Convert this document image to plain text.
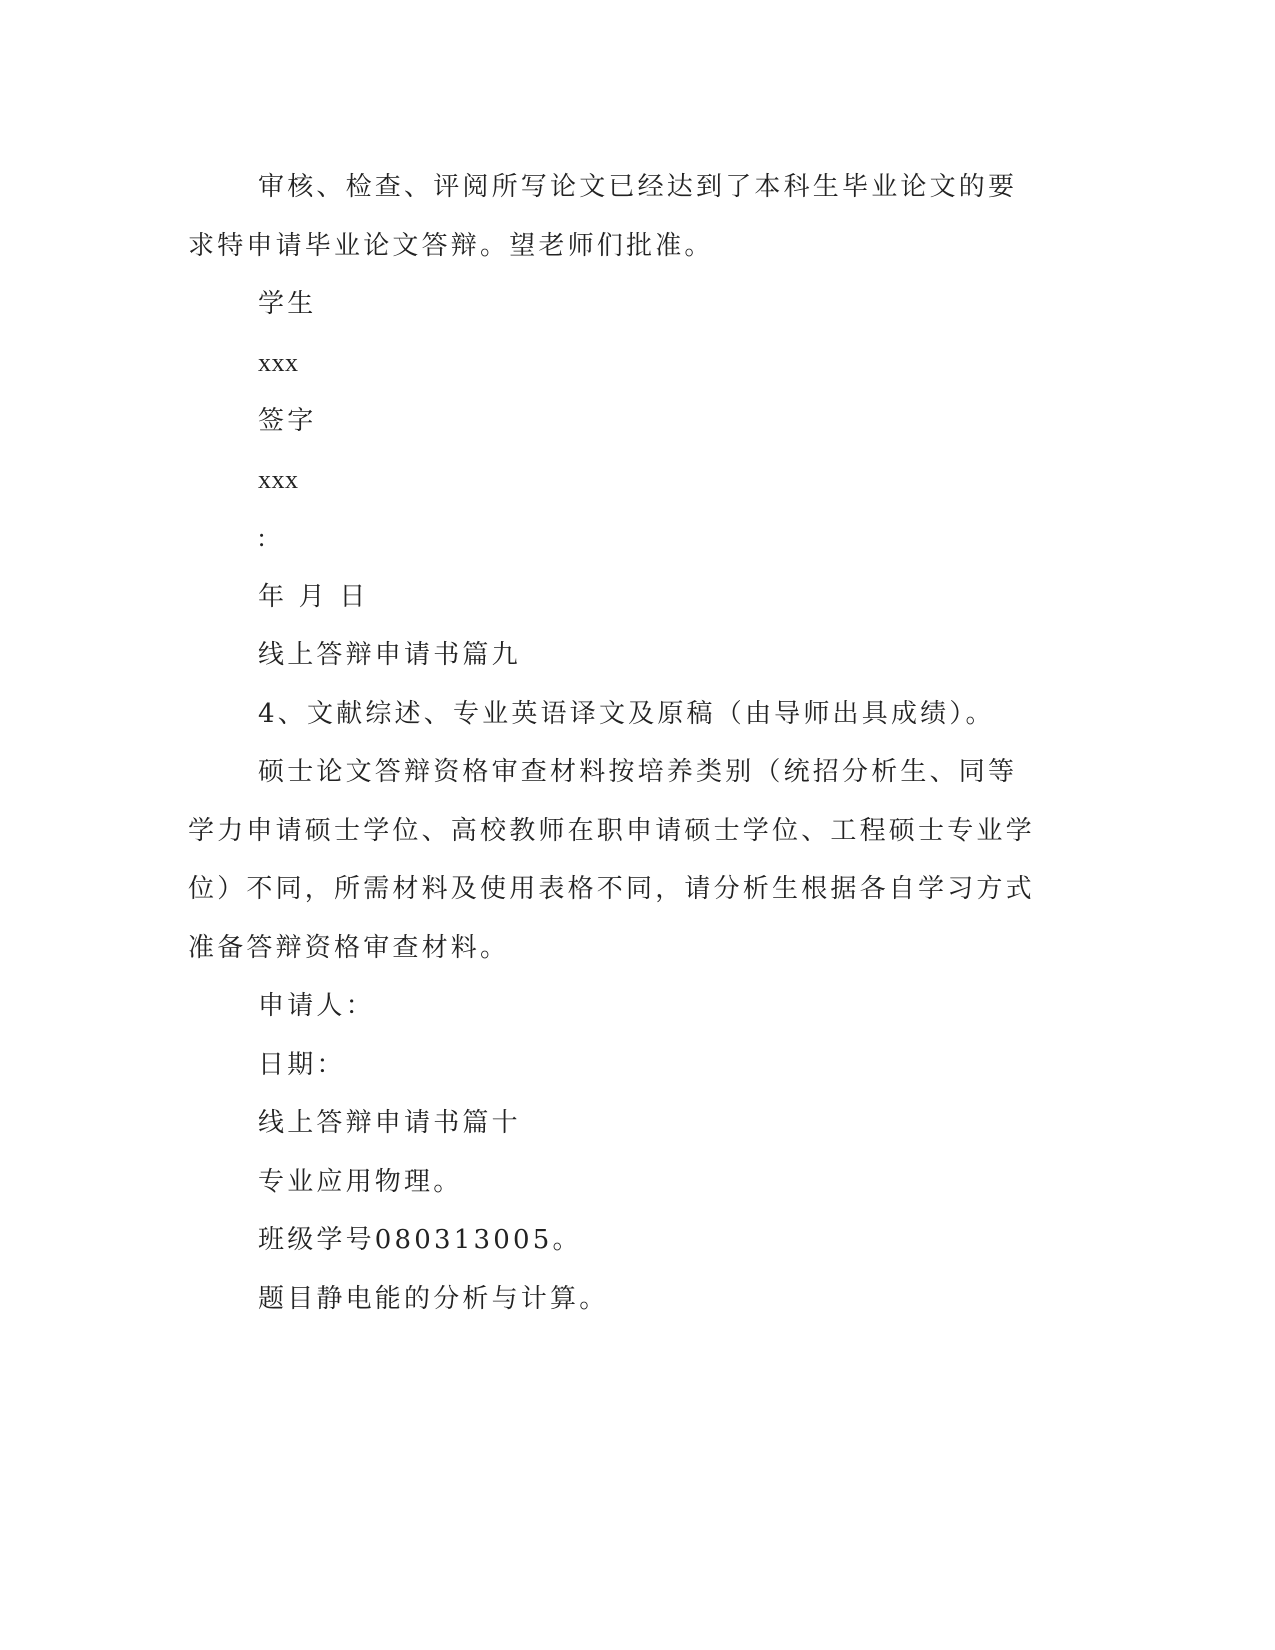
审核、检查、评阅所写论文已经达到了本科生毕业论文的要求特申请毕业论文答辩。望老师们批准。

学生

xxx

签字

xxx

:

年 月 日

线上答辩申请书篇九

4、文献综述、专业英语译文及原稿（由导师出具成绩）。

硕士论文答辩资格审查材料按培养类别（统招分析生、同等学力申请硕士学位、高校教师在职申请硕士学位、工程硕士专业学位）不同，所需材料及使用表格不同，请分析生根据各自学习方式准备答辩资格审查材料。

申请人：

日期：

线上答辩申请书篇十

专业应用物理。

班级学号080313005。

题目静电能的分析与计算。
